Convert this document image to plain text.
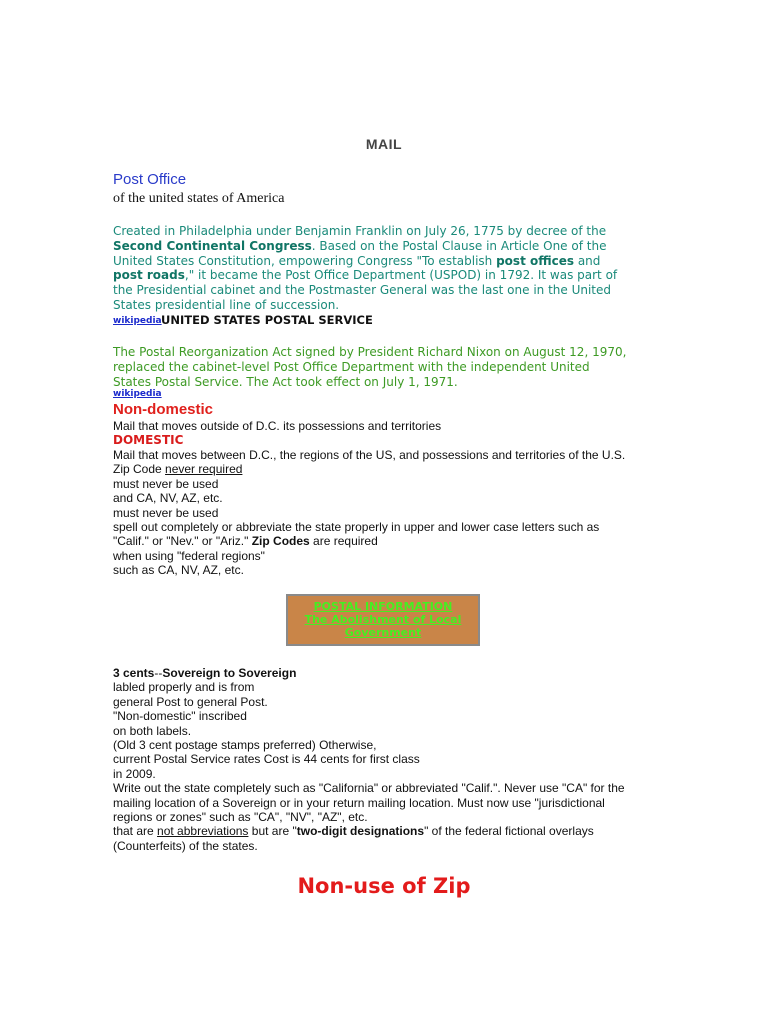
MAIL
Post Office
of the united states of America
Created in Philadelphia under Benjamin Franklin on July 26, 1775 by decree of the
Second Continental Congress. Based on the Postal Clause in Article One of the
United States Constitution, empowering Congress "To establish post offices and
post roads," it became the Post Office Department (USPOD) in 1792. It was part of
the Presidential cabinet and the Postmaster General was the last one in the United
States presidential line of succession.
wikipedia UNITED STATES POSTAL SERVICE
The Postal Reorganization Act signed by President Richard Nixon on August 12, 1970,
replaced the cabinet-level Post Office Department with the independent United
States Postal Service. The Act took effect on July 1, 1971.
wikipedia
Non-domestic
Mail that moves outside of D.C. its possessions and territories
DOMESTIC
Mail that moves between D.C., the regions of the US, and possessions and territories of the U.S.
Zip Code never required
must never be used
and CA, NV, AZ, etc.
must never be used
spell out completely or abbreviate the state properly in upper and lower case letters such as
"Calif." or "Nev." or "Ariz." Zip Codes are required
when using "federal regions"
such as CA, NV, AZ, etc.
POSTAL INFORMATION
The Abolishment of Local
Government
3 cents--Sovereign to Sovereign
labled properly and is from
general Post to general Post.
"Non-domestic" inscribed
on both labels.
(Old 3 cent postage stamps preferred) Otherwise,
current Postal Service rates Cost is 44 cents for first class
in 2009.
Write out the state completely such as "California" or abbreviated "Calif.". Never use "CA" for the
mailing location of a Sovereign or in your return mailing location. Must now use "jurisdictional
regions or zones" such as "CA", "NV", "AZ", etc.
that are not abbreviations but are "two-digit designations" of the federal fictional overlays
(Counterfeits) of the states.
Non-use of Zip
